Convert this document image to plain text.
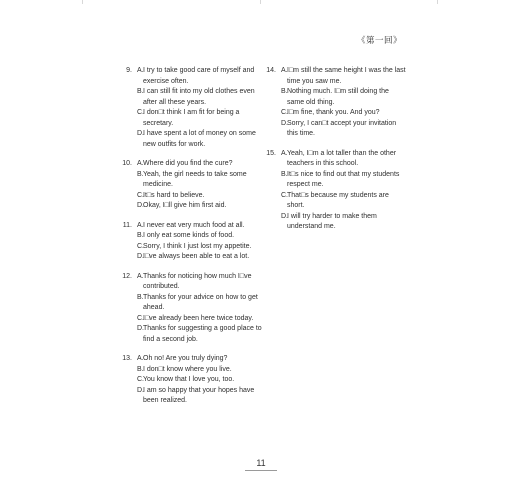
《第一回》
9. A. I try to take good care of myself and exercise often.
B. I can still fit into my old clothes even after all these years.
C. I don□t think I am fit for being a secretary.
D. I have spent a lot of money on some new outfits for work.
10. A. Where did you find the cure?
B. Yeah, the girl needs to take some medicine.
C. It□s hard to believe.
D. Okay, I□ll give him first aid.
11. A. I never eat very much food at all.
B. I only eat some kinds of food.
C. Sorry, I think I just lost my appetite.
D. I□ve always been able to eat a lot.
12. A. Thanks for noticing how much I□ve contributed.
B. Thanks for your advice on how to get ahead.
C. I□ve already been here twice today.
D. Thanks for suggesting a good place to find a second job.
13. A. Oh no! Are you truly dying?
B. I don□t know where you live.
C. You know that I love you, too.
D. I am so happy that your hopes have been realized.
14. A. I□m still the same height I was the last time you saw me.
B. Nothing much. I□m still doing the same old thing.
C. I□m fine, thank you. And you?
D. Sorry, I can□t accept your invitation this time.
15. A. Yeah, I□m a lot taller than the other teachers in this school.
B. It□s nice to find out that my students respect me.
C. That□s because my students are short.
D. I will try harder to make them understand me.
11
